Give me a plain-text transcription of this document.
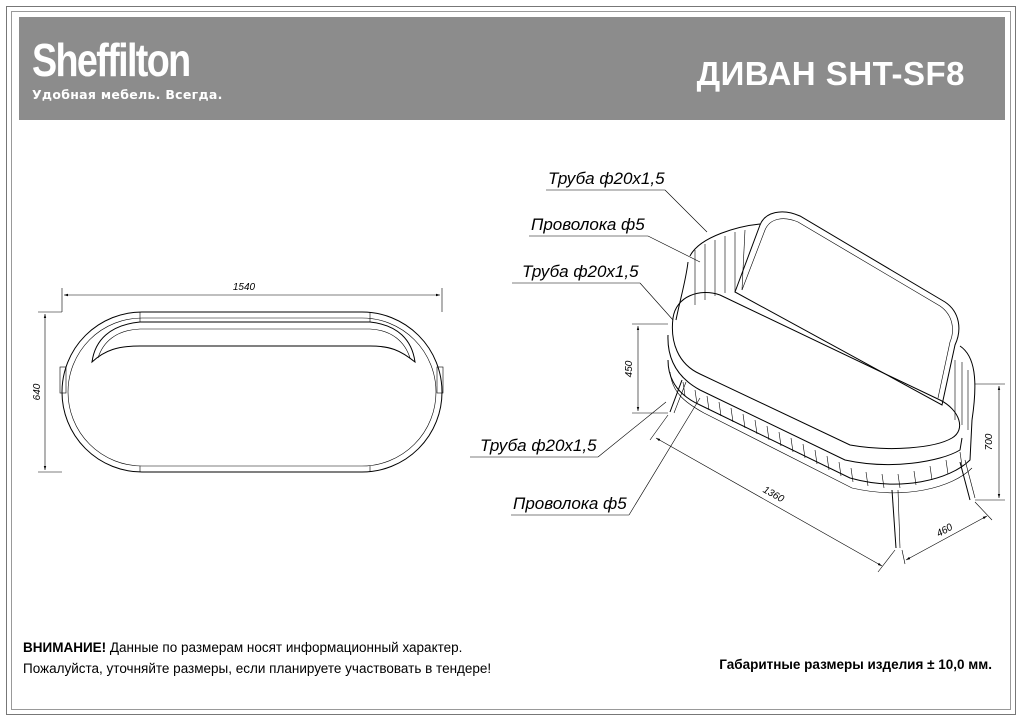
Sheffilton
Удобная мебель. Всегда.
ДИВАН SHT-SF8
1540
640
Труба ф20х1,5
Проволока ф5
Труба ф20х1,5
Труба ф20х1,5
Проволока ф5
450
700
1360
460
ВНИМАНИЕ! Данные по размерам носят информационный характер.
Пожалуйста, уточняйте размеры, если планируете участвовать в тендере!	Габаритные размеры изделия ± 10,0 мм.
